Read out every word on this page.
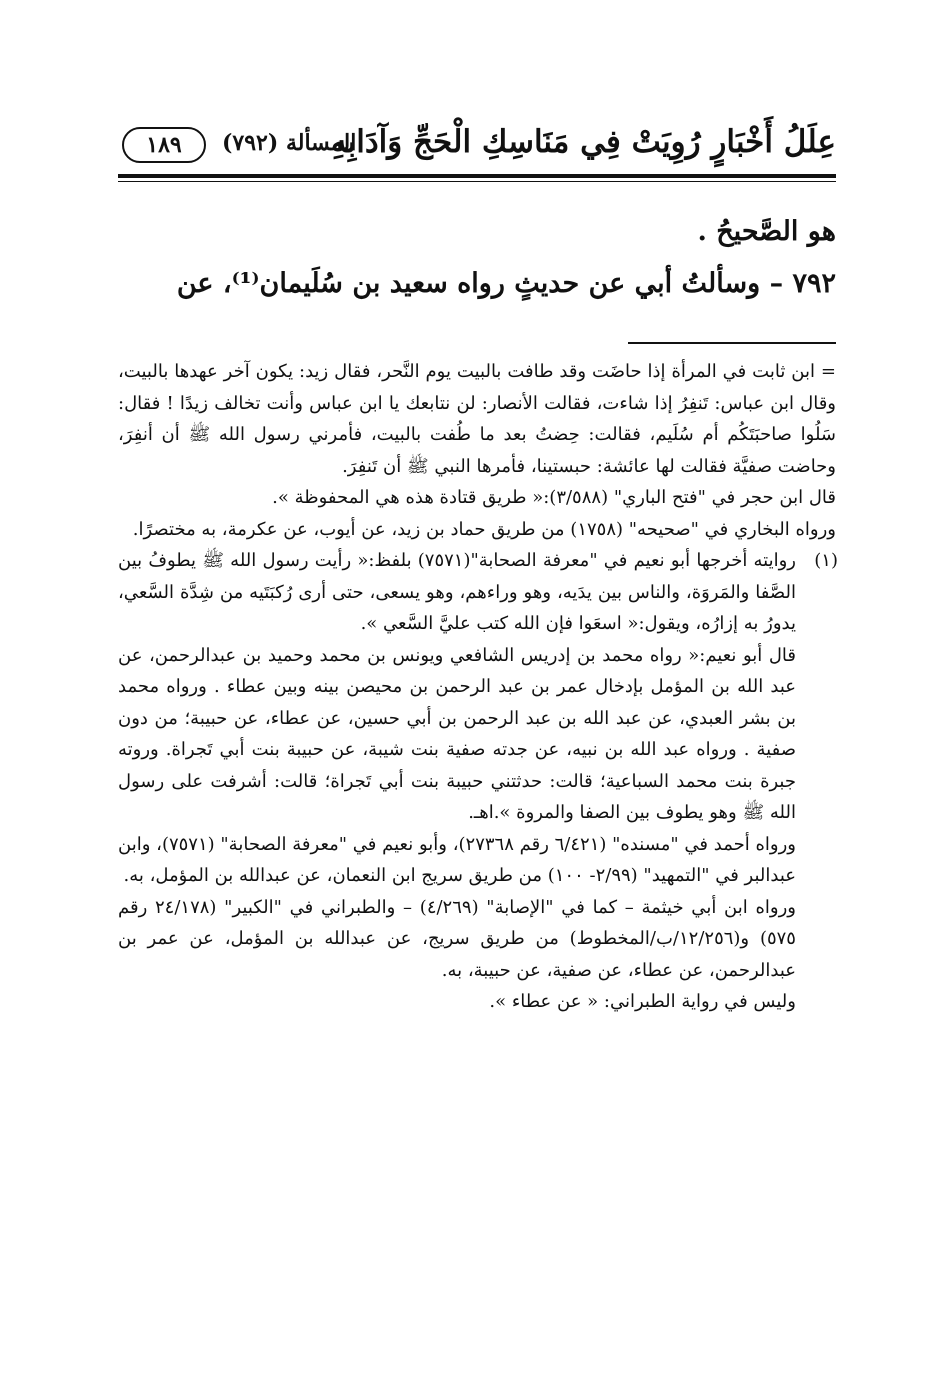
عِلَلُ أَخْبَارٍ رُوِيَتْ فِي مَنَاسِكِ الْحَجِّ وَآدَابِهِ
المسألة (٧٩٢)
١٨٩
هو الصَّحيحُ .
٧٩٢ – وسألتُ أبي عن حديثٍ رواه سعيد بن سُلَيمان⁽¹⁾، عن

= ابن ثابت في المرأة إذا حاضَت وقد طافت بالبيت يوم النَّحر، فقال زيد: يكون آخر عهدها بالبيت، وقال ابن عباس: تَنفِرُ إذا شاءت، فقالت الأنصار: لن نتابعك يا ابن عباس وأنت تخالف زيدًا ! فقال: سَلُوا صاحبَتَكُم أم سُلَيم، فقالت: حِضتُ بعد ما طُفت بالبيت، فأمرني رسول الله ﷺ أن أنفِرَ، وحاضت صفيَّة فقالت لها عائشة: حبستينا، فأمرها النبي ﷺ أن تَنفِرَ.

قال ابن حجر في "فتح الباري" (٣/٥٨٨):« طريق قتادة هذه هي المحفوظة ».

ورواه البخاري في "صحيحه" (١٧٥٨) من طريق حماد بن زيد، عن أيوب، عن عكرمة، به مختصرًا.

(١)

روايته أخرجها أبو نعيم في "معرفة الصحابة"(٧٥٧١) بلفظ:« رأيت رسول الله ﷺ يطوفُ بين الصَّفا والمَروَة، والناس بين يدَيه، وهو وراءهم، وهو يسعى، حتى أرى رُكبَتَيه من شِدَّة السَّعي، يدورُ به إزارُه، ويقول:« اسعَوا فإن الله كتب عليَّ السَّعي ».

قال أبو نعيم:« رواه محمد بن إدريس الشافعي ويونس بن محمد وحميد بن عبدالرحمن، عن عبد الله بن المؤمل بإدخال عمر بن عبد الرحمن بن محيصن بينه وبين عطاء . ورواه محمد بن بشر العبدي، عن عبد الله بن عبد الرحمن بن أبي حسين، عن عطاء، عن حبيبة؛ من دون صفية . ورواه عبد الله بن نبيه، عن جدته صفية بنت شيبة، عن حبيبة بنت أبي تَجراة. وروته جبرة بنت محمد السباعية؛ قالت: حدثتني حبيبة بنت أبي تَجراة؛ قالت: أشرفت على رسول الله ﷺ وهو يطوف بين الصفا والمروة ».اهـ.

ورواه أحمد في "مسنده" (٦/٤٢١ رقم ٢٧٣٦٨)، وأبو نعيم في "معرفة الصحابة" (٧٥٧١)، وابن عبدالبر في "التمهيد" (٢/٩٩- ١٠٠) من طريق سريج ابن النعمان، عن عبدالله بن المؤمل، به.

ورواه ابن أبي خيثمة – كما في "الإصابة" (٤/٢٦٩) – والطبراني في "الكبير" (٢٤/١٧٨ رقم ٥٧٥) و(١٢/٢٥٦/ب/المخطوط) من طريق سريج، عن عبدالله بن المؤمل، عن عمر بن عبدالرحمن، عن عطاء، عن صفية، عن حبيبة، به.

وليس في رواية الطبراني: « عن عطاء ».
